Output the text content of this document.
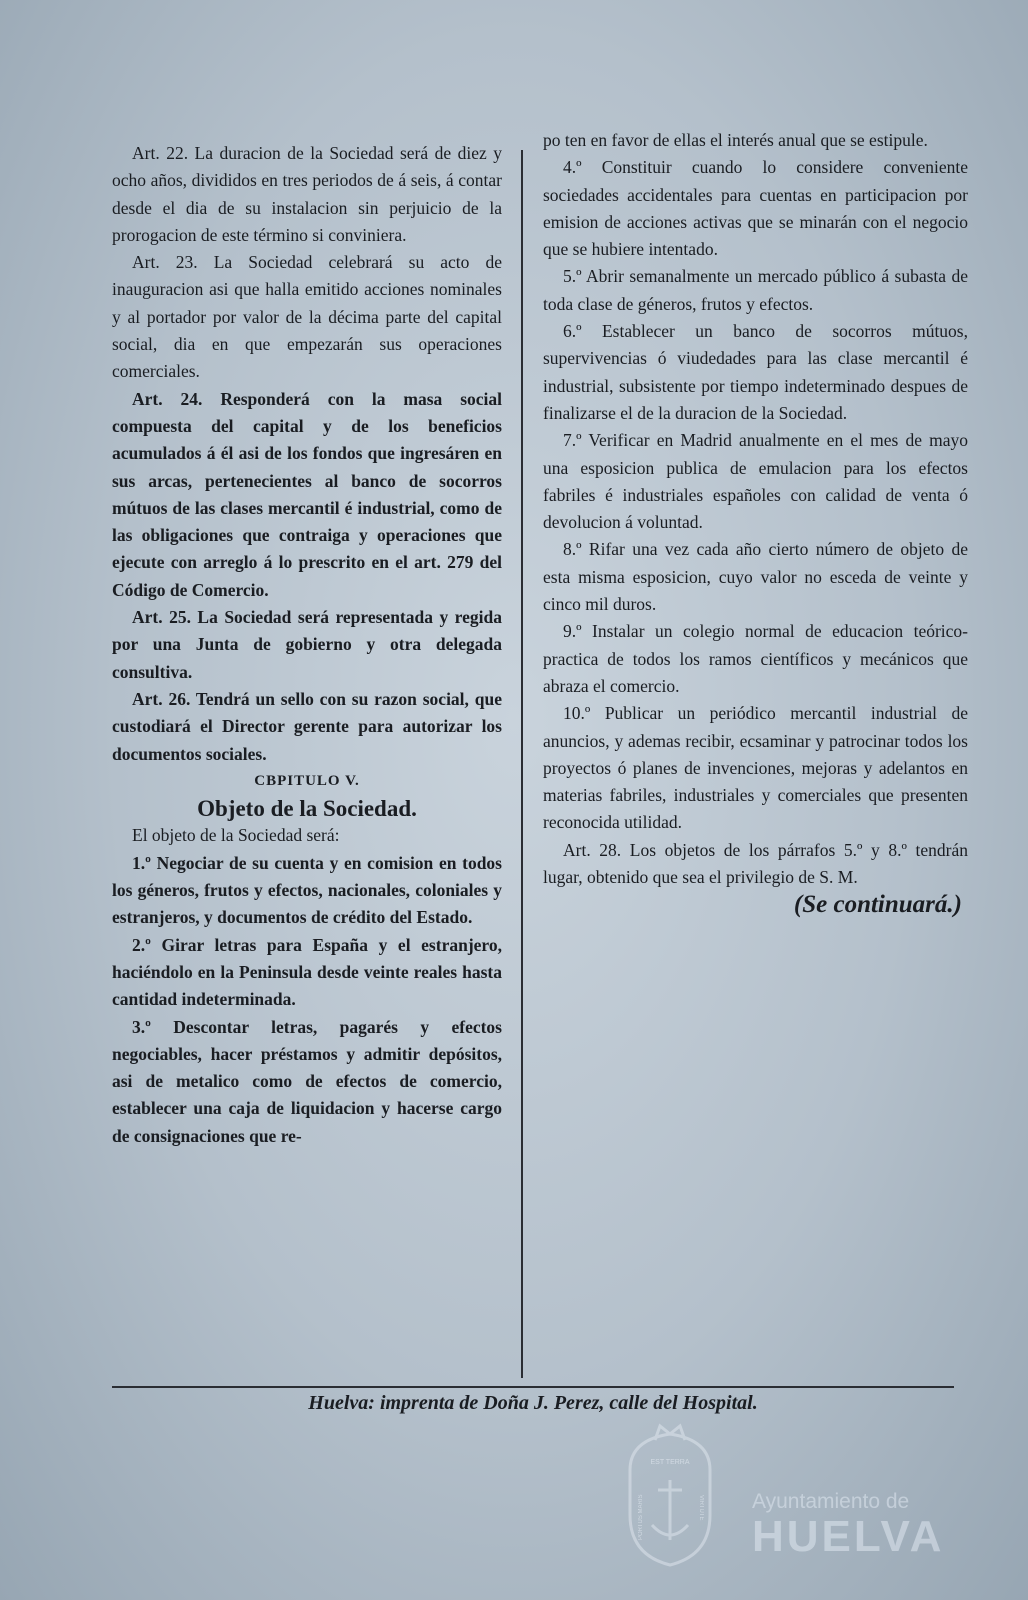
Art. 22. La duracion de la Sociedad será de diez y ocho años, divididos en tres periodos de á seis, á contar desde el dia de su instalacion sin perjuicio de la prorogacion de este término si conviniera.

Art. 23. La Sociedad celebrará su acto de inauguracion asi que halla emitido acciones nominales y al portador por valor de la décima parte del capital social, dia en que empezarán sus operaciones comerciales.

Art. 24. Responderá con la masa social compuesta del capital y de los beneficios acumulados á él asi de los fondos que ingresáren en sus arcas, pertenecientes al banco de socorros mútuos de las clases mercantil é industrial, como de las obligaciones que contraiga y operaciones que ejecute con arreglo á lo prescrito en el art. 279 del Código de Comercio.

Art. 25. La Sociedad será representada y regida por una Junta de gobierno y otra delegada consultiva.

Art. 26. Tendrá un sello con su razon social, que custodiará el Director gerente para autorizar los documentos sociales.

CBPITULO V.

Objeto de la Sociedad.

El objeto de la Sociedad será:

1.º Negociar de su cuenta y en comision en todos los géneros, frutos y efectos, nacionales, coloniales y estranjeros, y documentos de crédito del Estado.

2.º Girar letras para España y el estranjero, haciéndolo en la Peninsula desde veinte reales hasta cantidad indeterminada.

3.º Descontar letras, pagarés y efectos negociables, hacer préstamos y admitir depósitos, asi de metalico como de efectos de comercio, establecer una caja de liquidacion y hacerse cargo de consignaciones que re-

po ten en favor de ellas el interés anual que se estipule.

4.º Constituir cuando lo considere conveniente sociedades accidentales para cuentas en participacion por emision de acciones activas que se minarán con el negocio que se hubiere intentado.

5.º Abrir semanalmente un mercado público á subasta de toda clase de géneros, frutos y efectos.

6.º Establecer un banco de socorros mútuos, supervivencias ó viudedades para las clase mercantil é industrial, subsistente por tiempo indeterminado despues de finalizarse el de la duracion de la Sociedad.

7.º Verificar en Madrid anualmente en el mes de mayo una esposicion publica de emulacion para los efectos fabriles é industriales españoles con calidad de venta ó devolucion á voluntad.

8.º Rifar una vez cada año cierto número de objeto de esta misma esposicion, cuyo valor no esceda de veinte y cinco mil duros.

9.º Instalar un colegio normal de educacion teórico-practica de todos los ramos científicos y mecánicos que abraza el comercio.

10.º Publicar un periódico mercantil industrial de anuncios, y ademas recibir, ecsaminar y patrocinar todos los proyectos ó planes de invenciones, mejoras y adelantos en materias fabriles, industriales y comerciales que presenten reconocida utilidad.

Art. 28. Los objetos de los párrafos 5.º y 8.º tendrán lugar, obtenido que sea el privilegio de S. M.

(Se continuará.)

Huelva: imprenta de Doña J. Perez, calle del Hospital.
EST TERRA
PORTUS MARIS	VIRTUTE Ayuntamiento de
HUELVA
